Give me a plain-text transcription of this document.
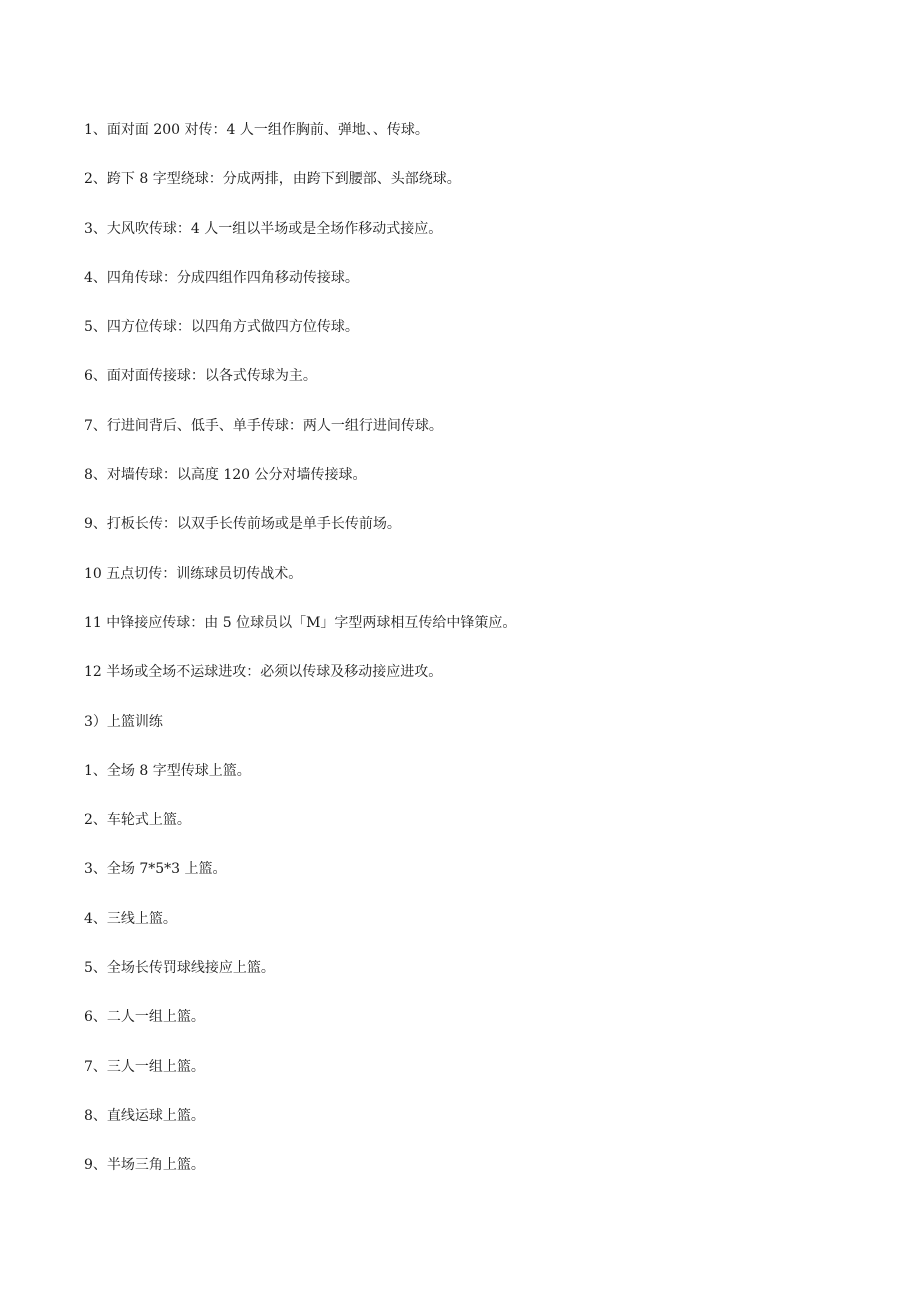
1、面对面 200 对传：4 人一组作胸前、弹地、、传球。
2、跨下 8 字型绕球：分成两排，由跨下到腰部、头部绕球。
3、大风吹传球：4 人一组以半场或是全场作移动式接应。
4、四角传球：分成四组作四角移动传接球。
5、四方位传球：以四角方式做四方位传球。
6、面对面传接球：以各式传球为主。
7、行进间背后、低手、单手传球：两人一组行进间传球。
8、对墙传球：以高度 120 公分对墙传接球。
9、打板长传：以双手长传前场或是单手长传前场。
10 五点切传：训练球员切传战术。
11 中锋接应传球：由 5 位球员以「M」字型两球相互传给中锋策应。
12 半场或全场不运球进攻：必须以传球及移动接应进攻。
3）上篮训练
1、全场 8 字型传球上篮。
2、车轮式上篮。
3、全场 7*5*3 上篮。
4、三线上篮。
5、全场长传罚球线接应上篮。
6、二人一组上篮。
7、三人一组上篮。
8、直线运球上篮。
9、半场三角上篮。
